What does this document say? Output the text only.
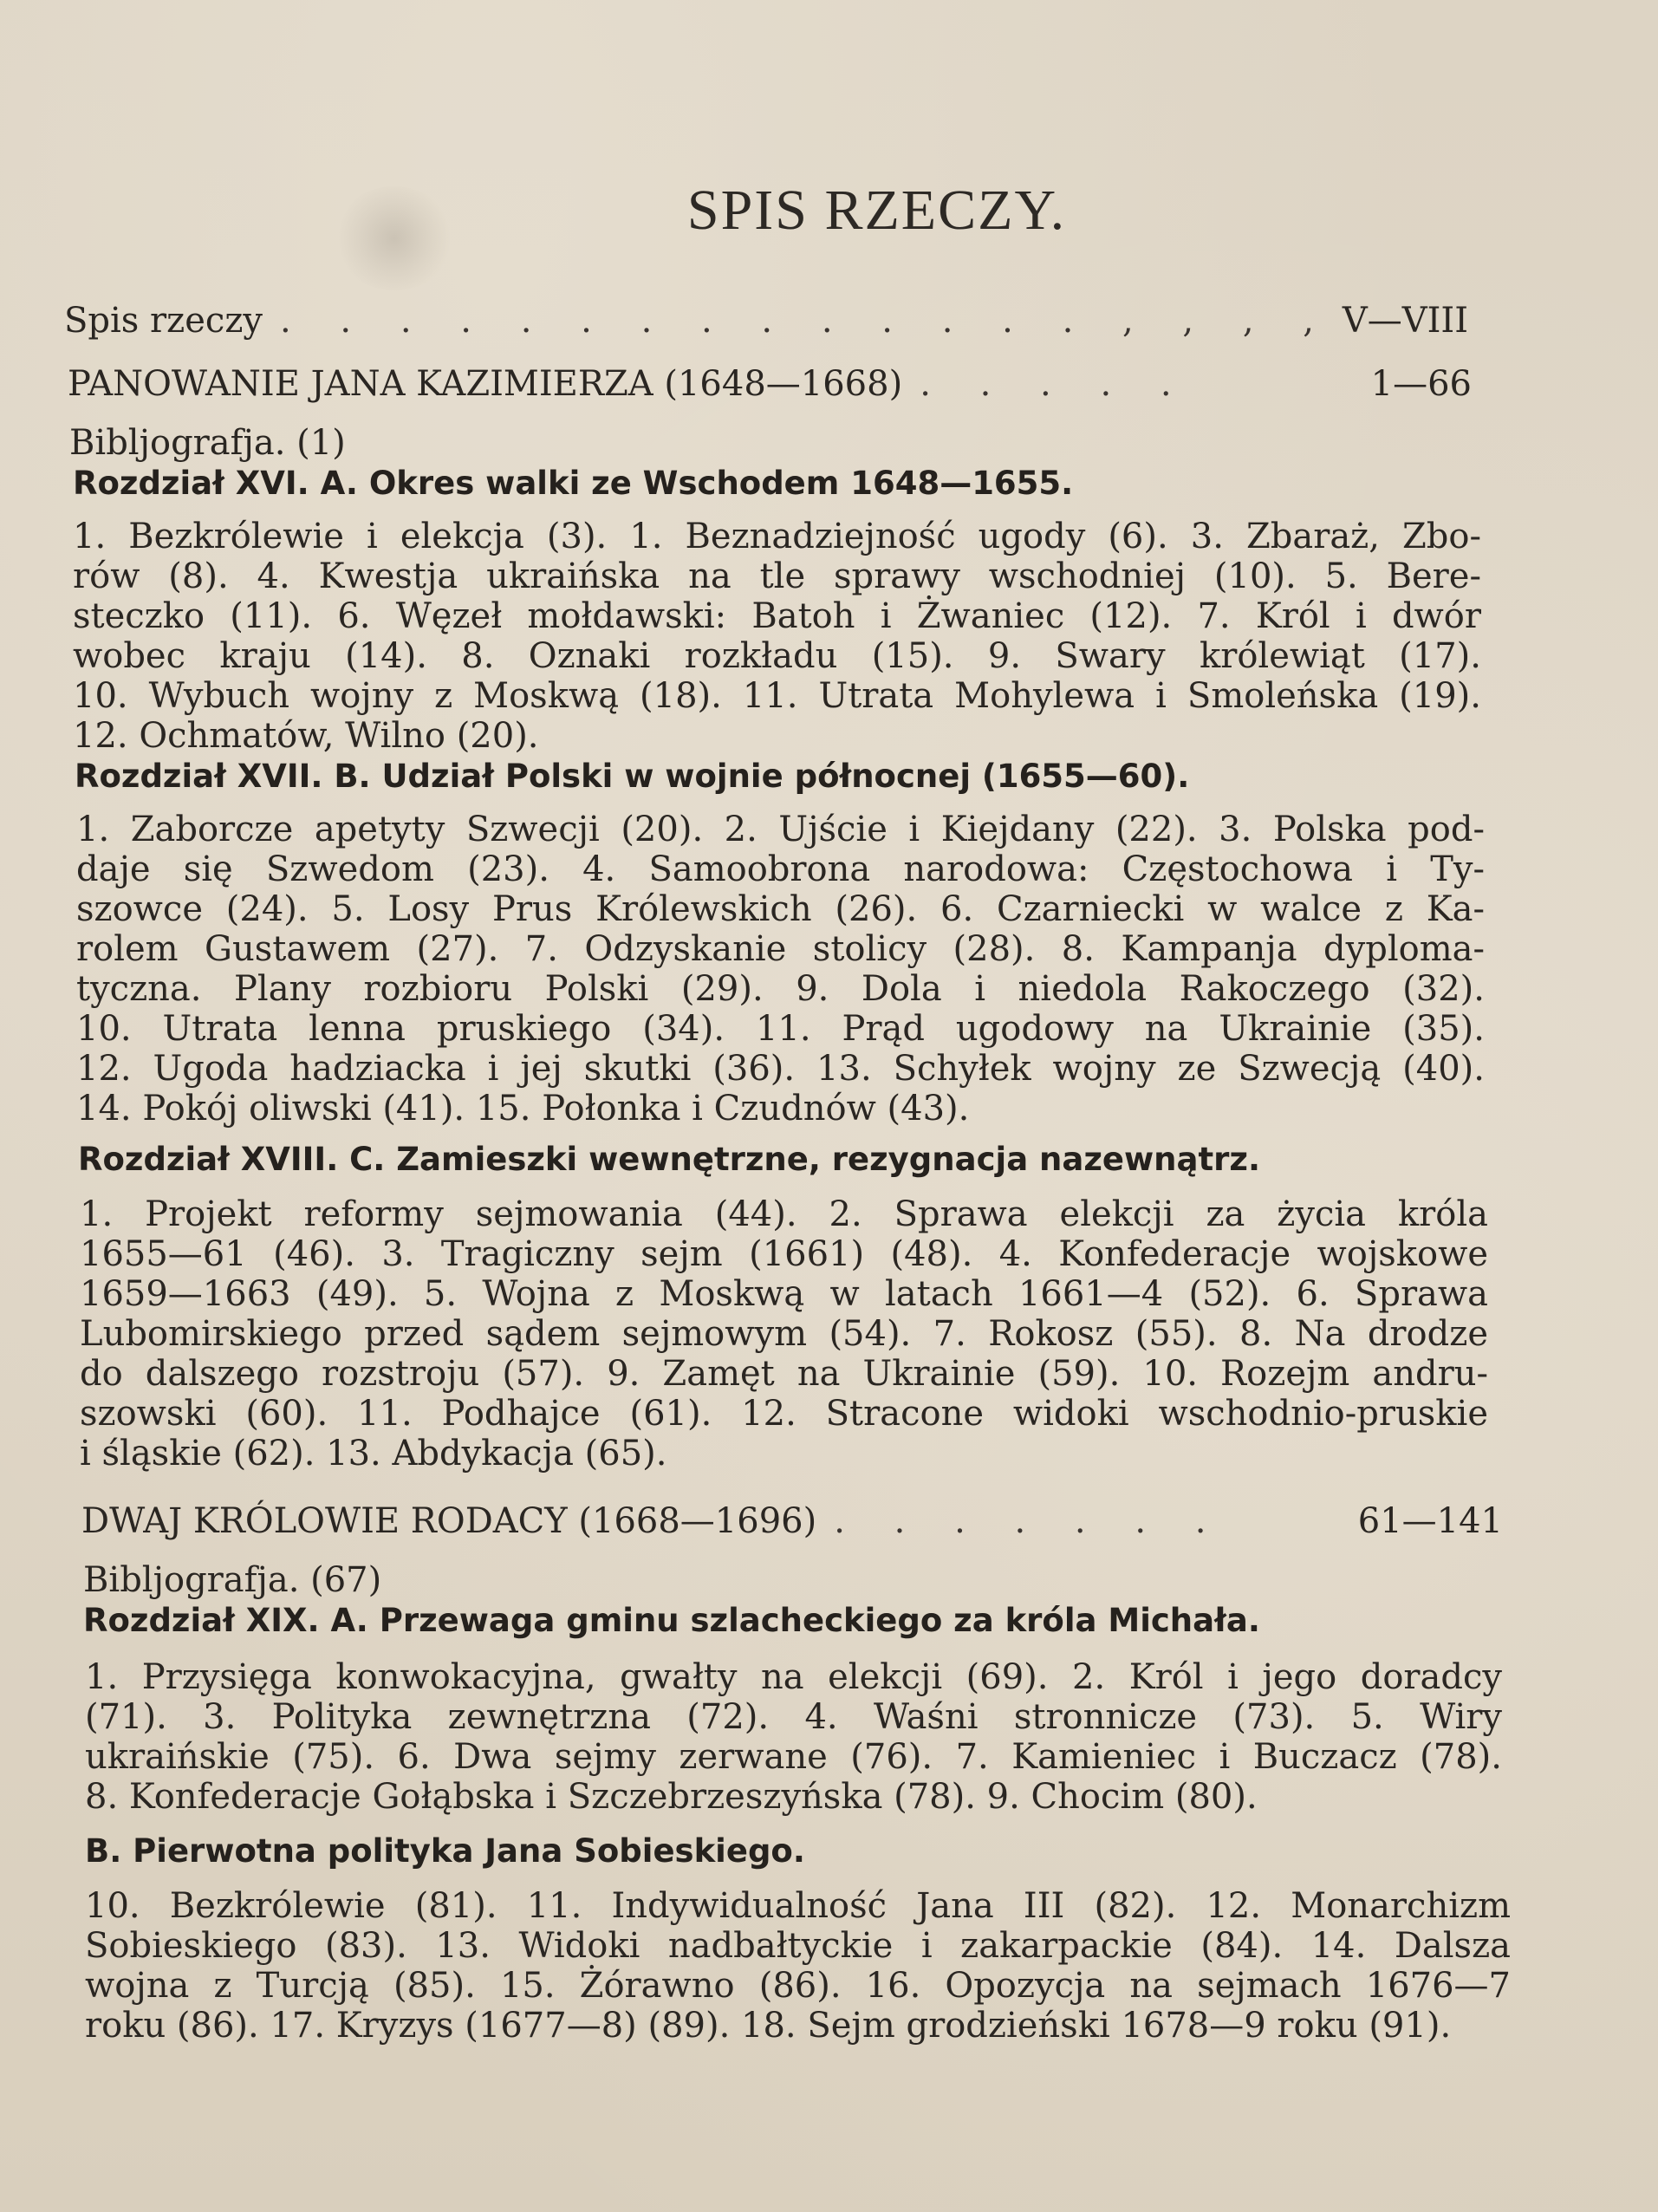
SPIS RZECZY.
Spis rzeczy . . . . . . . . . . . . . . , , , , V—VIII
PANOWANIE JANA KAZIMIERZA (1648—1668) . . . . .	1—66
Bibljografja. (1)
Rozdział XVI. A. Okres walki ze Wschodem 1648—1655.
1. Bezkrólewie i elekcja (3). 1. Beznadziejność ugody (6). 3. Zbaraż, Zbo-
rów (8). 4. Kwestja ukraińska na tle sprawy wschodniej (10). 5. Bere-
steczko (11). 6. Węzeł mołdawski: Batoh i Żwaniec (12). 7. Król i dwór
wobec kraju (14). 8. Oznaki rozkładu (15). 9. Swary królewiąt (17).
10. Wybuch wojny z Moskwą (18). 11. Utrata Mohylewa i Smoleńska (19).
12. Ochmatów, Wilno (20).
Rozdział XVII. B. Udział Polski w wojnie północnej (1655—60).
1. Zaborcze apetyty Szwecji (20). 2. Ujście i Kiejdany (22). 3. Polska pod-
daje się Szwedom (23). 4. Samoobrona narodowa: Częstochowa i Ty-
szowce (24). 5. Losy Prus Królewskich (26). 6. Czarniecki w walce z Ka-
rolem Gustawem (27). 7. Odzyskanie stolicy (28). 8. Kampanja dyploma-
tyczna. Plany rozbioru Polski (29). 9. Dola i niedola Rakoczego (32).
10. Utrata lenna pruskiego (34). 11. Prąd ugodowy na Ukrainie (35).
12. Ugoda hadziacka i jej skutki (36). 13. Schyłek wojny ze Szwecją (40).
14. Pokój oliwski (41). 15. Połonka i Czudnów (43).
Rozdział XVIII. C. Zamieszki wewnętrzne, rezygnacja nazewnątrz.
1. Projekt reformy sejmowania (44). 2. Sprawa elekcji za życia króla
1655—61 (46). 3. Tragiczny sejm (1661) (48). 4. Konfederacje wojskowe
1659—1663 (49). 5. Wojna z Moskwą w latach 1661—4 (52). 6. Sprawa
Lubomirskiego przed sądem sejmowym (54). 7. Rokosz (55). 8. Na drodze
do dalszego rozstroju (57). 9. Zamęt na Ukrainie (59). 10. Rozejm andru-
szowski (60). 11. Podhajce (61). 12. Stracone widoki wschodnio-pruskie
i śląskie (62). 13. Abdykacja (65).
DWAJ KRÓLOWIE RODACY (1668—1696) . . . . . . .	61—141
Bibljografja. (67)
Rozdział XIX. A. Przewaga gminu szlacheckiego za króla Michała.
1. Przysięga konwokacyjna, gwałty na elekcji (69). 2. Król i jego doradcy
(71). 3. Polityka zewnętrzna (72). 4. Waśni stronnicze (73). 5. Wiry
ukraińskie (75). 6. Dwa sejmy zerwane (76). 7. Kamieniec i Buczacz (78).
8. Konfederacje Gołąbska i Szczebrzeszyńska (78). 9. Chocim (80).
B. Pierwotna polityka Jana Sobieskiego.
10. Bezkrólewie (81). 11. Indywidualność Jana III (82). 12. Monarchizm
Sobieskiego (83). 13. Widoki nadbałtyckie i zakarpackie (84). 14. Dalsza
wojna z Turcją (85). 15. Żórawno (86). 16. Opozycja na sejmach 1676—7
roku (86). 17. Kryzys (1677—8) (89). 18. Sejm grodzieński 1678—9 roku (91).
